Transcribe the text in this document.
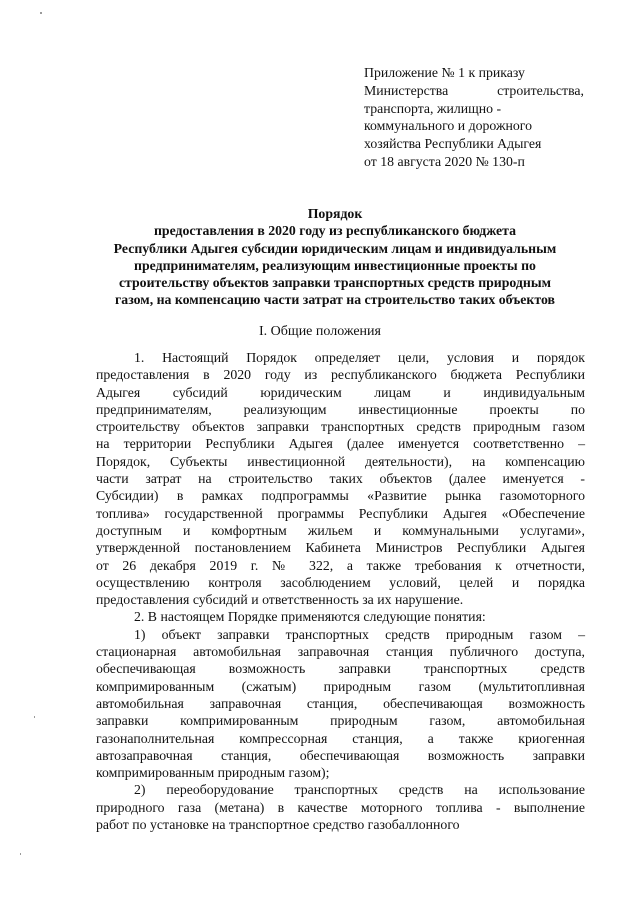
Приложение № 1 к приказу
Министерства строительства,
транспорта, жилищно -
коммунального и дорожного
хозяйства Республики Адыгея
от 18 августа 2020 № 130-п
Порядок
предоставления в 2020 году из республиканского бюджета
Республики Адыгея субсидии юридическим лицам и индивидуальным
предпринимателям, реализующим инвестиционные проекты по
строительству объектов заправки транспортных средств природным
газом, на компенсацию части затрат на строительство таких объектов
I. Общие положения
1. Настоящий Порядок определяет цели, условия и порядок
предоставления в 2020 году из республиканского бюджета Республики
Адыгея субсидий юридическим лицам и индивидуальным
предпринимателям, реализующим инвестиционные проекты по
строительству объектов заправки транспортных средств природным газом
на территории Республики Адыгея (далее именуется соответственно –
Порядок, Субъекты инвестиционной деятельности), на компенсацию
части затрат на строительство таких объектов (далее именуется -
Субсидии) в рамках подпрограммы «Развитие рынка газомоторного
топлива» государственной программы Республики Адыгея «Обеспечение
доступным и комфортным жильем и коммунальными услугами»,
утвержденной постановлением Кабинета Министров Республики Адыгея
от 26 декабря 2019 г. № 322, а также требования к отчетности,
осуществлению контроля засоблюдением условий, целей и порядка
предоставления субсидий и ответственность за их нарушение.
2. В настоящем Порядке применяются следующие понятия:
1) объект заправки транспортных средств природным газом –
стационарная автомобильная заправочная станция публичного доступа,
обеспечивающая возможность заправки транспортных средств
компримированным (сжатым) природным газом (мультитопливная
автомобильная заправочная станция, обеспечивающая возможность
заправки компримированным природным газом, автомобильная
газонаполнительная компрессорная станция, а также криогенная
автозаправочная станция, обеспечивающая возможность заправки
компримированным природным газом);
2) переоборудование транспортных средств на использование
природного газа (метана) в качестве моторного топлива - выполнение
работ по установке на транспортное средство газобаллонного
